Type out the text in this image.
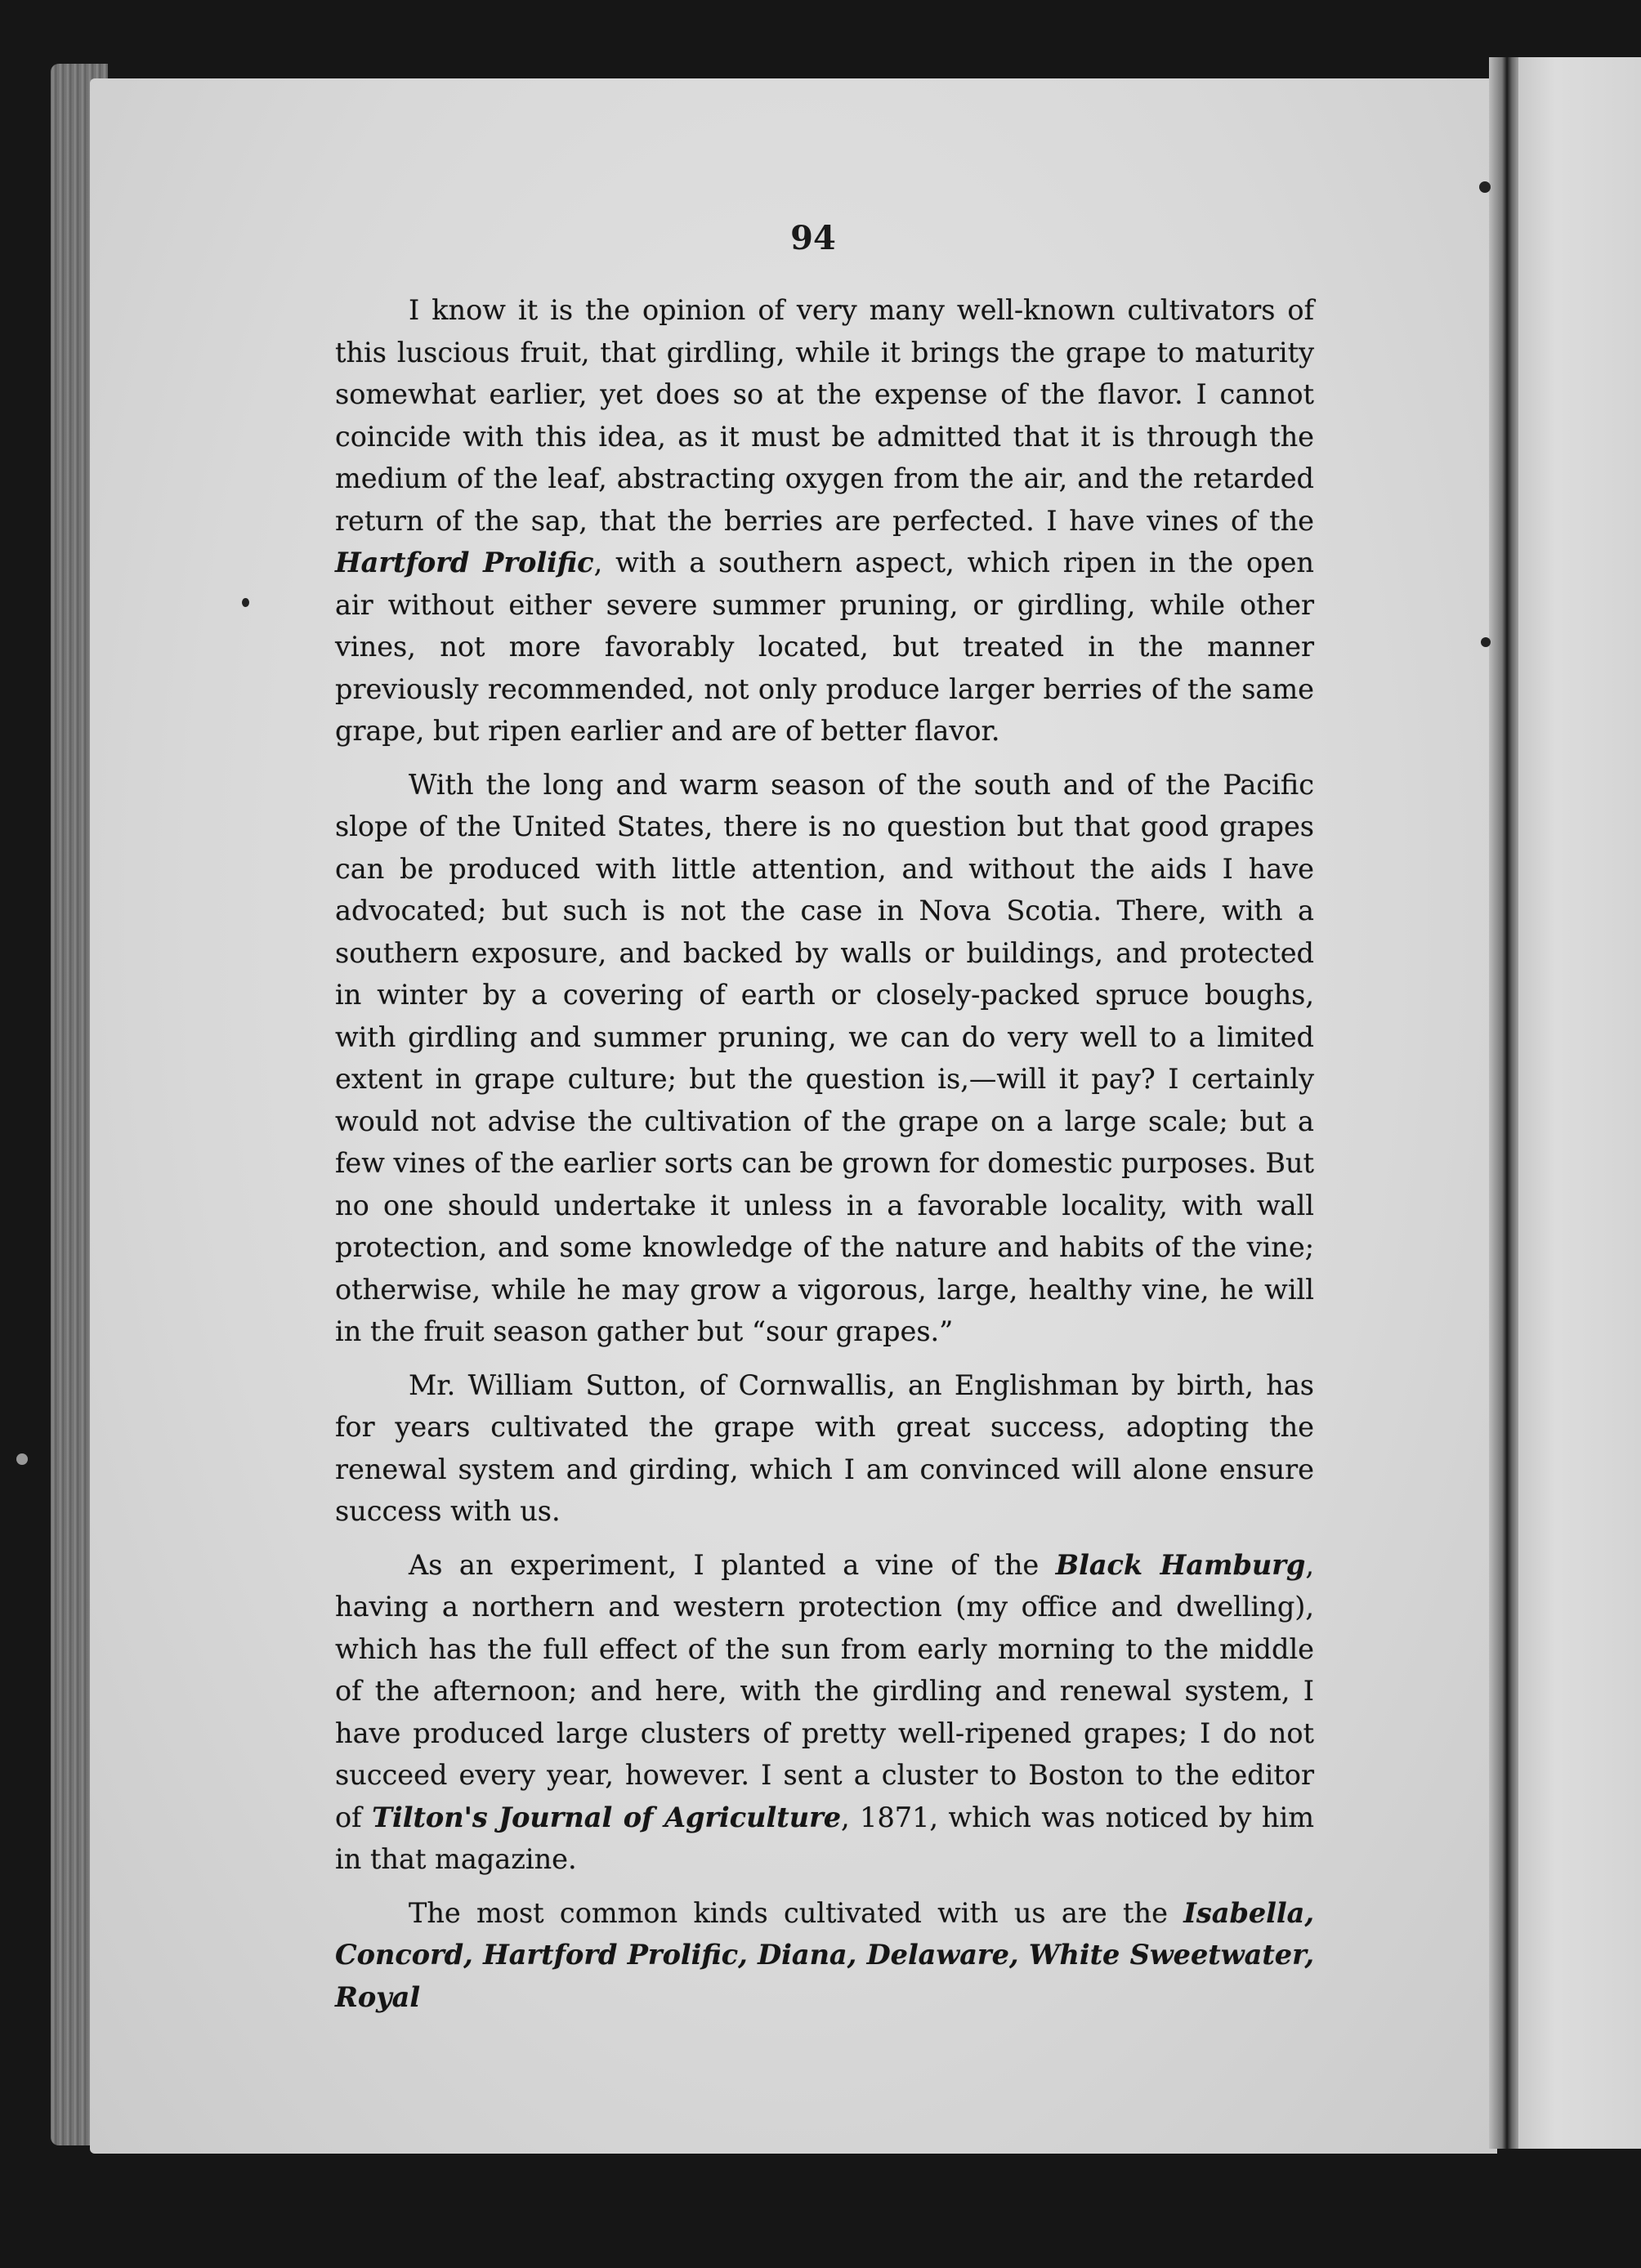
94

I know it is the opinion of very many well-known cultivators of this luscious fruit, that girdling, while it brings the grape to maturity somewhat earlier, yet does so at the expense of the flavor. I cannot coincide with this idea, as it must be admitted that it is through the medium of the leaf, abstracting oxygen from the air, and the retarded return of the sap, that the berries are perfected. I have vines of the Hartford Prolific, with a southern aspect, which ripen in the open air without either severe summer pruning, or girdling, while other vines, not more favorably located, but treated in the manner previously recommended, not only produce larger berries of the same grape, but ripen earlier and are of better flavor.

With the long and warm season of the south and of the Pacific slope of the United States, there is no question but that good grapes can be produced with little attention, and without the aids I have advocated; but such is not the case in Nova Scotia. There, with a southern exposure, and backed by walls or buildings, and protected in winter by a covering of earth or closely-packed spruce boughs, with girdling and summer pruning, we can do very well to a limited extent in grape culture; but the question is,—will it pay? I certainly would not advise the cultivation of the grape on a large scale; but a few vines of the earlier sorts can be grown for domestic purposes. But no one should undertake it unless in a favorable locality, with wall protection, and some knowledge of the nature and habits of the vine; otherwise, while he may grow a vigorous, large, healthy vine, he will in the fruit season gather but “sour grapes.”

Mr. William Sutton, of Cornwallis, an Englishman by birth, has for years cultivated the grape with great success, adopting the renewal system and girding, which I am convinced will alone ensure success with us.

As an experiment, I planted a vine of the Black Hamburg, having a northern and western protection (my office and dwelling), which has the full effect of the sun from early morning to the middle of the afternoon; and here, with the girdling and renewal system, I have produced large clusters of pretty well-ripened grapes; I do not succeed every year, however. I sent a cluster to Boston to the editor of Tilton's Journal of Agriculture, 1871, which was noticed by him in that magazine.

The most common kinds cultivated with us are the Isabella, Concord, Hartford Prolific, Diana, Delaware, White Sweetwater, Royal
